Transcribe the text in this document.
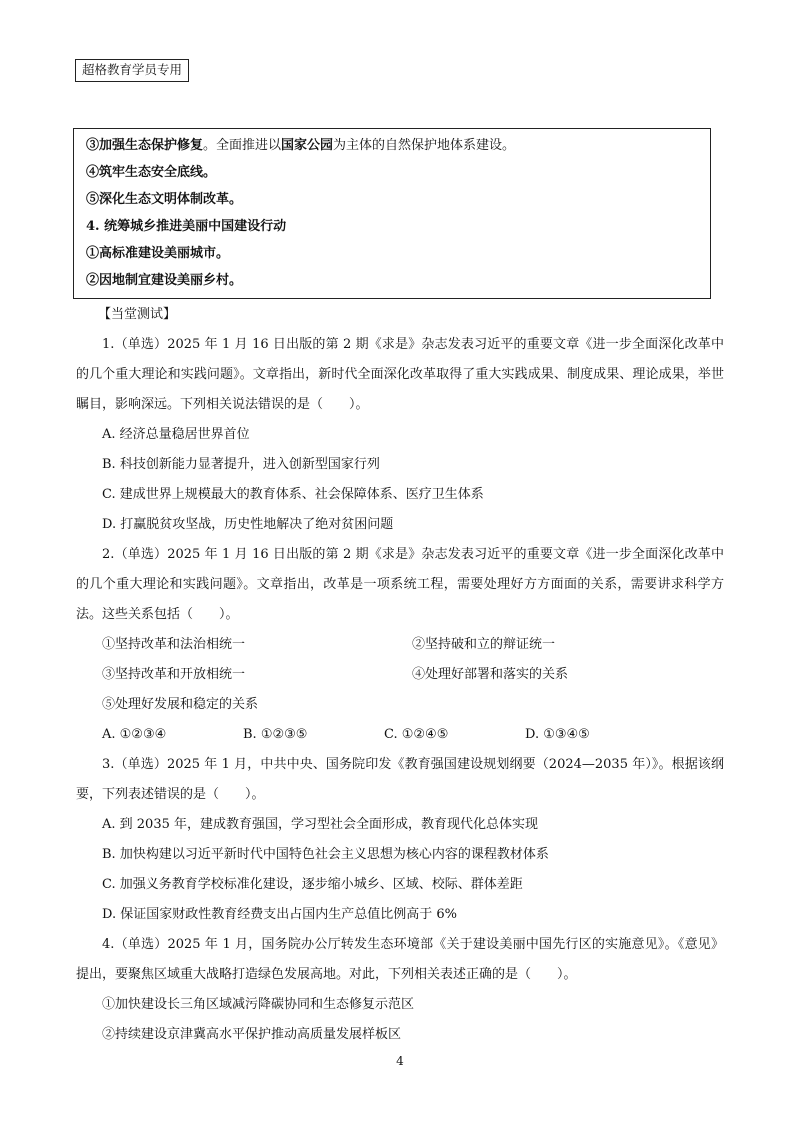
超格教育学员专用
③加强生态保护修复。全面推进以国家公园为主体的自然保护地体系建设。
④筑牢生态安全底线。
⑤深化生态文明体制改革。
4. 统筹城乡推进美丽中国建设行动
①高标准建设美丽城市。
②因地制宜建设美丽乡村。
【当堂测试】

1.（单选）2025 年 1 月 16 日出版的第 2 期《求是》杂志发表习近平的重要文章《进一步全面深化改革中的几个重大理论和实践问题》。文章指出，新时代全面深化改革取得了重大实践成果、制度成果、理论成果，举世瞩目，影响深远。下列相关说法错误的是（　　）。

A. 经济总量稳居世界首位
B. 科技创新能力显著提升，进入创新型国家行列
C. 建成世界上规模最大的教育体系、社会保障体系、医疗卫生体系
D. 打赢脱贫攻坚战，历史性地解决了绝对贫困问题

2.（单选）2025 年 1 月 16 日出版的第 2 期《求是》杂志发表习近平的重要文章《进一步全面深化改革中的几个重大理论和实践问题》。文章指出，改革是一项系统工程，需要处理好方方面面的关系，需要讲求科学方法。这些关系包括（　　）。

①坚持改革和法治相统一	②坚持破和立的辩证统一
③坚持改革和开放相统一	④处理好部署和落实的关系
⑤处理好发展和稳定的关系
A. ①②③④	B. ①②③⑤	C. ①②④⑤	D. ①③④⑤

3.（单选）2025 年 1 月，中共中央、国务院印发《教育强国建设规划纲要（2024—2035 年）》。根据该纲要，下列表述错误的是（　　）。

A. 到 2035 年，建成教育强国，学习型社会全面形成，教育现代化总体实现
B. 加快构建以习近平新时代中国特色社会主义思想为核心内容的课程教材体系
C. 加强义务教育学校标准化建设，逐步缩小城乡、区域、校际、群体差距
D. 保证国家财政性教育经费支出占国内生产总值比例高于 6%

4.（单选）2025 年 1 月，国务院办公厅转发生态环境部《关于建设美丽中国先行区的实施意见》。《意见》提出，要聚焦区域重大战略打造绿色发展高地。对此，下列相关表述正确的是（　　）。

①加快建设长三角区域减污降碳协同和生态修复示范区
②持续建设京津冀高水平保护推动高质量发展样板区
4
